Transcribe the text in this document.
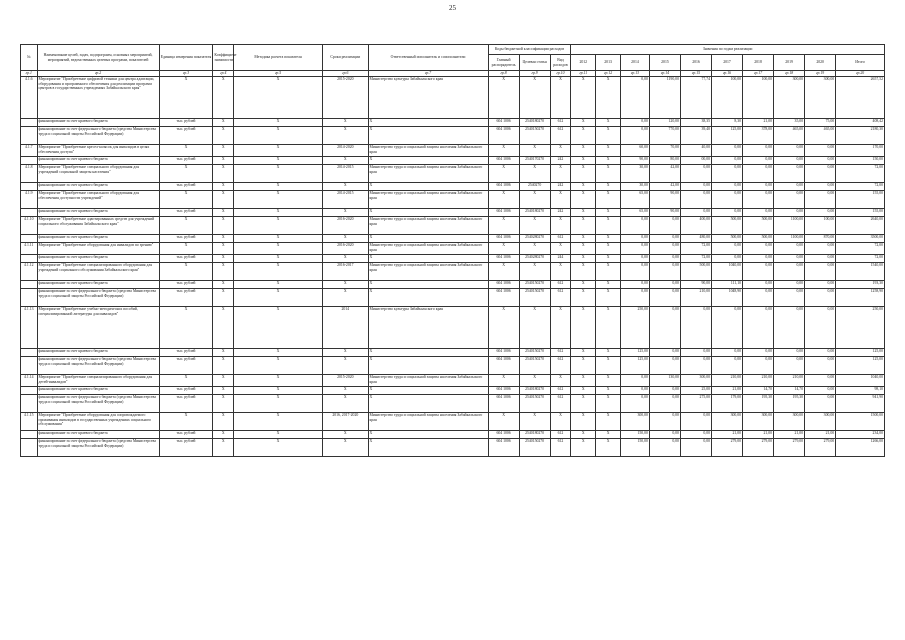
25
№	Наименование целей, задач, подпрограмм, основных мероприятий, мероприятий, ведомственных целевых программ, показателей	Единица измерения показателя	Коэффициент значимости	Методика расчета показателя	Сроки реализации	Ответственный исполнитель и соисполнители	Коды бюджетной классификации расходов			Значения по годам реализации									
							Главный распорядитель	Целевая статья	Вид расходов	2012	2013	2014	2015	2016	2017	2018	2019	2020	Итого
гр.1	гр.2	гр.3	гр.4	гр.5	гр.6	гр.7	гр.8	гр.9	гр.10	гр.11	гр.12	гр.13	гр.14	гр.15	гр.16	гр.17	гр.18	гр.19	гр.20
4.1.6	Мероприятие "Приобретение цифровой техники для центра адаптации, оборудования и программного обеспечения для реализации программ центров в государственных учреждениях Забайкальского края"	X	X	X	2015-2020	Министерство культуры Забайкальского края	X	X	X	X	X	0,00	1190,00	77,74	100,00	100,00	300,00	300,00	2657,52
	финансирование за счет краевого бюджета	тыс. рублей	X	X	X	X	604 1006	2540180270	612	X	X	0,00	120,00	38,35	8,30	21,00	35,00	75,00	408,42
	финансирование за счет федерального бюджета (средства Министерства труда и социальной защиты Российской Федерации)	тыс. рублей	X	X	X	X	604 1006	2540150270	612	X	X	0,00	770,00	39,40	125,00	378,00	465,00	465,00	2180,30
4.1.7	Мероприятие "Приобретение кресел-колясок для инвалидов в целях обеспечения доступа"	X	X	X	2014-2020	Министерство труда и социальной защиты населения Забайкальского края	X	X	X	X	X	60,00	70,00	40,00	0,00	0,00	0,00	0,00	170,00
	финансирование за счет краевого бюджета	тыс. рублей	X	X	X	X	604 1006	2540170270	242	X	X	90,00	80,00	00,00	0,00	0,00	0,00	0,00	150,00
4.1.8	Мероприятие "Приобретение специального оборудования для учреждений социальной защиты населения"	X	X	X	2014-2015	Министерство труда и социальной защиты населения Забайкальского края	X	X	X	X	X	30,00	42,00	0,00	0,00	0,00	0,00	0,00	72,00
	финансирование за счет краевого бюджета	тыс. рублей	X	X	X	X	604 1006	2540270	242	X	X	30,00	42,00	0,00	0,00	0,00	0,00	0,00	72,00
4.1.9	Мероприятие "Приобретение специального оборудования для обеспечения доступности учреждений"	X	X	X	2014-2015	Министерство труда и социальной защиты населения Забайкальского края	X	X	X	X	X	65,00	90,00	0,00	0,00	0,00	0,00	0,00	155,00
	финансирование за счет краевого бюджета	тыс. рублей	X	X	X	X	604 1006	2540180270	242	X	X	65,00	90,00	0,00	0,00	0,00	0,00	0,00	155,00
4.1.10	Мероприятие "Приобретение адаптированных средств для учреждений социального обслуживания Забайкальского края"	X	X	X	2016-2020	Министерство труда и социальной защиты населения Забайкальского края	X	X	X	X	X	0,00	0,00	400,00	500,00	500,00	1100,00	100,00	2640,00
	финансирование за счет краевого бюджета	тыс. рублей	X	X	X	X	604 1006	2540280270	612	X	X	0,00	0,00	480,00	500,00	500,00	1100,00	870,00	3500,00
4.1.11	Мероприятие "Приобретение оборудования для инвалидов по зрению"	X	X	X	2016-2020	Министерство труда и социальной защиты населения Забайкальского края	X	X	X	X	X	0,00	0,00	72,00	0,00	0,00	0,00	0,00	72,00
	финансирование за счет краевого бюджета	тыс. рублей	X	X	X	X	604 1006	2540280270	244	X	X	0,00	0,00	72,00	0,00	0,00	0,00	0,00	72,00
4.1.12	Мероприятие "Приобретение специализированного оборудования для учреждений социального обслуживания Забайкальского края"	X	X	X	2016-2017	Министерство труда и социальной защиты населения Забайкальского края	X	X	X	X	X	0,00	0,00	500,00	1040,00	0,00	0,00	0,00	1540,00
	финансирование за счет краевого бюджета	тыс. рублей	X	X	X	X	604 1006	2540150270	612	X	X	0,00	0,00	90,00	111,10	0,00	0,00	0,00	193,30
	финансирование за счет федерального бюджета (средства Министерства труда и социальной защиты Российской Федерации)	тыс. рублей	X	X	X	X	604 1006	2540150270	612	X	X	0,00	0,00	210,00	1048,90	0,00	0,00	0,00	1258,90
4.1.13	Мероприятие "Приобретение учебно-методических пособий, специализированной литературы для инвалидов"	X	X	X	2014	Министерство культуры Забайкальского края	X	X	X	X	X	250,00	0,00	0,00	0,00	0,00	0,00	0,00	250,00
	финансирование за счет краевого бюджета	тыс. рублей	X	X	X	X	604 1006	2540150270	612	X	X	125,00	0,00	0,00	0,00	0,00	0,00	0,00	125,00
	финансирование за счет федерального бюджета (средства Министерства труда и социальной защиты Российской Федерации)	тыс. рублей	X	X	X	X	604 1006	2540150270	612	X	X	125,00	0,00	0,00	0,00	0,00	0,00	0,00	125,00
4.1.14	Мероприятие "Приобретение специализированного оборудования для детей-инвалидов"	X	X	X	2015-2020	Министерство труда и социальной защиты населения Забайкальского края	X	X	X	X	X	0,00	130,00	300,00	210,00	210,00	210,00	0,00	1040,00
	финансирование за счет краевого бюджета	тыс. рублей	X	X	X	X	604 1006	2540180270	612	X	X	0,00	0,00	25,00	21,00	14,70	14,70	0,00	98,10
	финансирование за счет федерального бюджета (средства Министерства труда и социальной защиты Российской Федерации)	тыс. рублей	X	X	X	X	604 1006	2540150270	612	X	X	0,00	0,00	275,00	179,00	195,30	195,30	0,00	941,90
4.1.15	Мероприятие "Приобретение оборудования для сопровождаемого проживания инвалидов в государственных учреждениях социального обслуживания"	X	X	X	2016, 2017-2020	Министерство труда и социальной защиты населения Забайкальского края	X	X	X	X	X	300,00	0,00	0,00	300,00	300,00	300,00	300,00	1500,00
	финансирование за счет краевого бюджета	тыс. рублей	X	X	X	X	604 1006	2540180270	612	X	X	150,00	0,00	0,00	21,00	21,00	21,00	21,00	234,00
	финансирование за счет федерального бюджета (средства Министерства труда и социальной защиты Российской Федерации)	тыс. рублей	X	X	X	X	604 1006	2540150270	612	X	X	150,00	0,00	0,00	279,00	279,00	279,00	279,00	1266,00
